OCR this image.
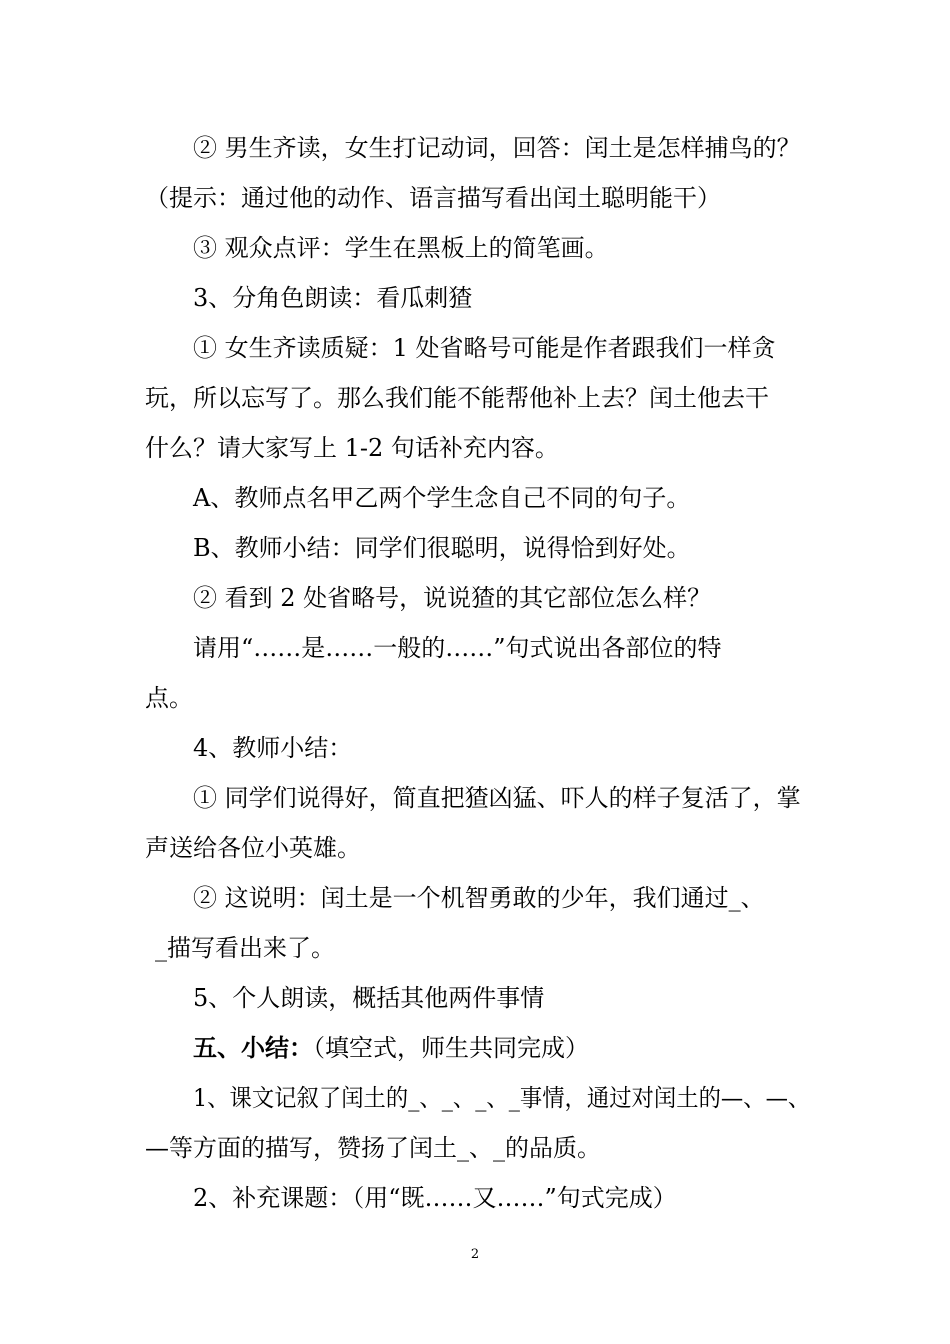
② 男生齐读，女生打记动词，回答：闰土是怎样捕鸟的？
（提示：通过他的动作、语言描写看出闰土聪明能干）
③ 观众点评：学生在黑板上的简笔画。
3、分角色朗读：看瓜刺猹
① 女生齐读质疑：1 处省略号可能是作者跟我们一样贪
玩，所以忘写了。那么我们能不能帮他补上去？闰土他去干
什么？请大家写上 1-2 句话补充内容。
A、教师点名甲乙两个学生念自己不同的句子。
B、教师小结：同学们很聪明，说得恰到好处。
② 看到 2 处省略号，说说猹的其它部位怎么样？
请用“……是……一般的……”句式说出各部位的特
点。
4、教师小结：
① 同学们说得好，简直把猹凶猛、吓人的样子复活了，掌
声送给各位小英雄。
② 这说明：闰土是一个机智勇敢的少年，我们通过_、
_描写看出来了。
5、个人朗读，概括其他两件事情
五、小结：（填空式，师生共同完成）
1、课文记叙了闰土的_、_、_、_事情，通过对闰土的—、—、
—等方面的描写，赞扬了闰土_、_的品质。
2、补充课题：（用“既……又……”句式完成）
2
